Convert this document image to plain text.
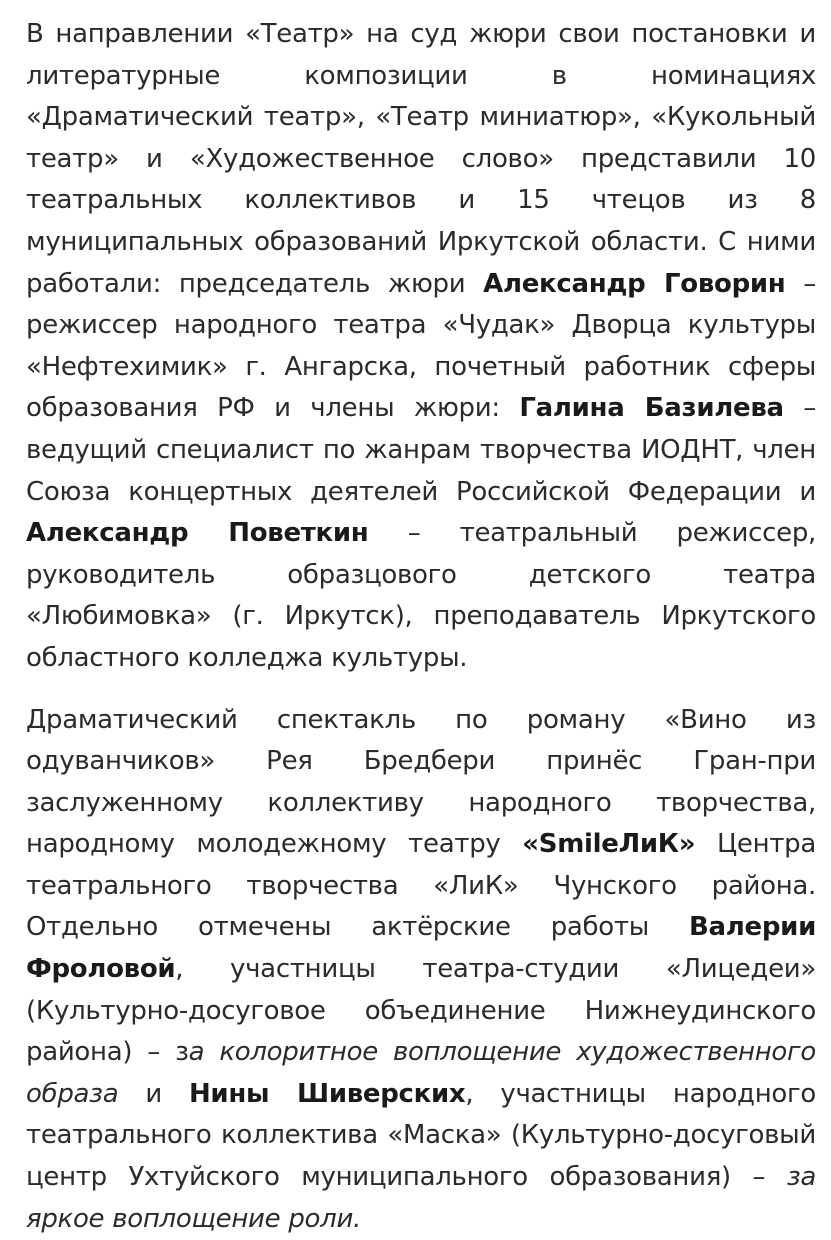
В направлении «Театр» на суд жюри свои постановки и литературные композиции в номинациях «Драматический театр», «Театр миниатюр», «Кукольный театр» и «Художественное слово» представили 10 театральных коллективов и 15 чтецов из 8 муниципальных образований Иркутской области. С ними работали: председатель жюри Александр Говорин – режиссер народного театра «Чудак» Дворца культуры «Нефтехимик» г. Ангарска, почетный работник сферы образования РФ и члены жюри: Галина Базилева – ведущий специалист по жанрам творчества ИОДНТ, член Союза концертных деятелей Российской Федерации и Александр Поветкин – театральный режиссер, руководитель образцового детского театра «Любимовка» (г. Иркутск), преподаватель Иркутского областного колледжа культуры.

Драматический спектакль по роману «Вино из одуванчиков» Рея Бредбери принёс Гран-при заслуженному коллективу народного творчества, народному молодежному театру «SmileЛиК» Центра театрального творчества «ЛиК» Чунского района. Отдельно отмечены актёрские работы Валерии Фроловой, участницы театра-студии «Лицедеи» (Культурно-досуговое объединение Нижнеудинского района) – за колоритное воплощение художественного образа и Нины Шиверских, участницы народного театрального коллектива «Маска» (Культурно-досуговый центр Ухтуйского муниципального образования) – за яркое воплощение роли.
